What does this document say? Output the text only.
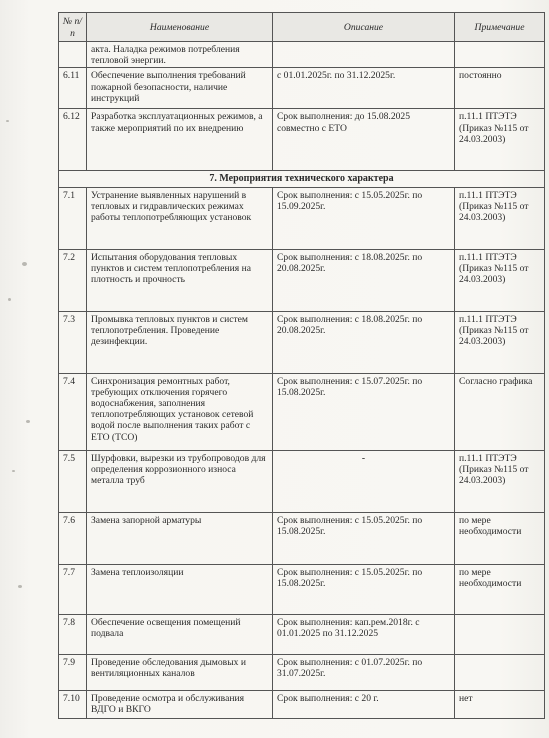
№ п/п	Наименование	Описание	Примечание
	акта. Наладка режимов потребления тепловой энергии.		
6.11	Обеспечение выполнения требований пожарной безопасности, наличие инструкций	с 01.01.2025г. по 31.12.2025г.	постоянно
6.12	Разработка эксплуатационных режимов, а также мероприятий по их внедрению	Срок выполнения: до 15.08.2025 совместно с ЕТО	п.11.1 ПТЭТЭ (Приказ №115 от 24.03.2003)
7. Мероприятия технического характера			
7.1	Устранение выявленных нарушений в тепловых и гидравлических режимах работы теплопотребляющих установок	Срок выполнения: с 15.05.2025г. по 15.09.2025г.	п.11.1 ПТЭТЭ (Приказ №115 от 24.03.2003)
7.2	Испытания оборудования тепловых пунктов и систем теплопотребления на плотность и прочность	Срок выполнения: с 18.08.2025г. по 20.08.2025г.	п.11.1 ПТЭТЭ (Приказ №115 от 24.03.2003)
7.3	Промывка тепловых пунктов и систем теплопотребления. Проведение дезинфекции.	Срок выполнения: с 18.08.2025г. по 20.08.2025г.	п.11.1 ПТЭТЭ (Приказ №115 от 24.03.2003)
7.4	Синхронизация ремонтных работ, требующих отключения горячего водоснабжения, заполнения теплопотребляющих установок сетевой водой после выполнения таких работ с ЕТО (ТСО)	Срок выполнения: с 15.07.2025г. по 15.08.2025г.	Согласно графика
7.5	Шурфовки, вырезки из трубопроводов для определения коррозионного износа металла труб	-	п.11.1 ПТЭТЭ (Приказ №115 от 24.03.2003)
7.6	Замена запорной арматуры	Срок выполнения: с 15.05.2025г. по 15.08.2025г.	по мере необходимости
7.7	Замена теплоизоляции	Срок выполнения: с 15.05.2025г. по 15.08.2025г.	по мере необходимости
7.8	Обеспечение освещения помещений подвала	Срок выполнения: кап.рем.2018г. с 01.01.2025 по 31.12.2025	
7.9	Проведение обследования дымовых и вентиляционных каналов	Срок выполнения: с 01.07.2025г. по 31.07.2025г.	
7.10	Проведение осмотра и обслуживания ВДГО и ВКГО	Срок выполнения: с 20 г.	нет
